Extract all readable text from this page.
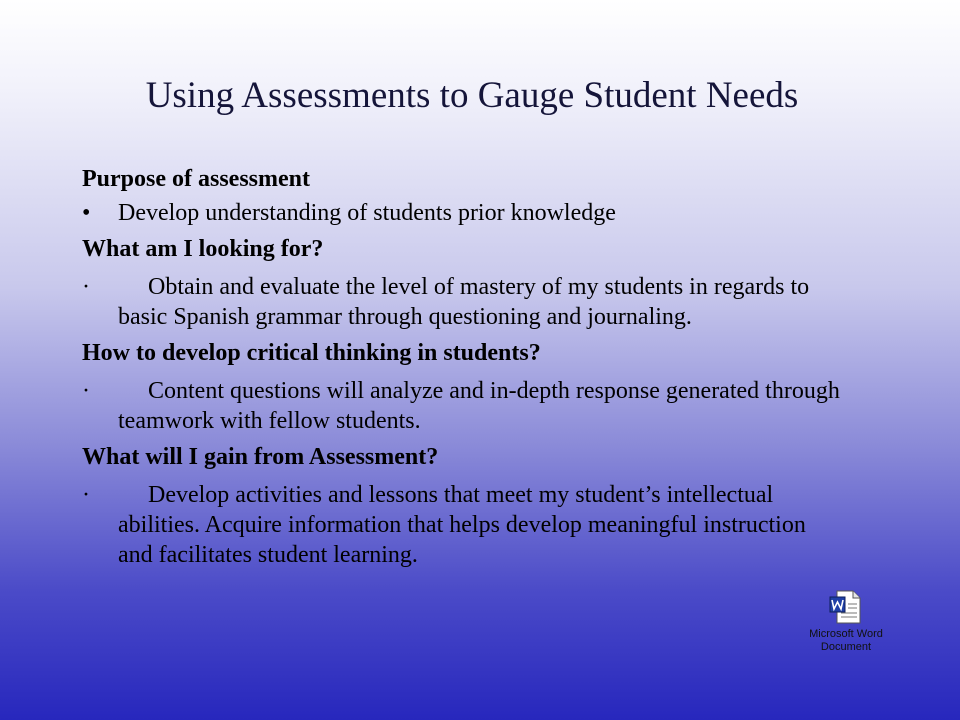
Using Assessments to Gauge Student Needs
Purpose of assessment
•	Develop understanding of students prior knowledge
What am I looking for?
·	Obtain and evaluate the level of mastery of my students in regards to basic Spanish grammar through questioning and journaling.
How to develop critical thinking in students?
·	Content questions will analyze and in-depth response generated through teamwork with fellow students.
What will I gain from Assessment?
·	Develop activities and lessons that meet my student’s intellectual abilities. Acquire information that helps develop meaningful instruction and facilitates student learning.
Microsoft Word
Document
